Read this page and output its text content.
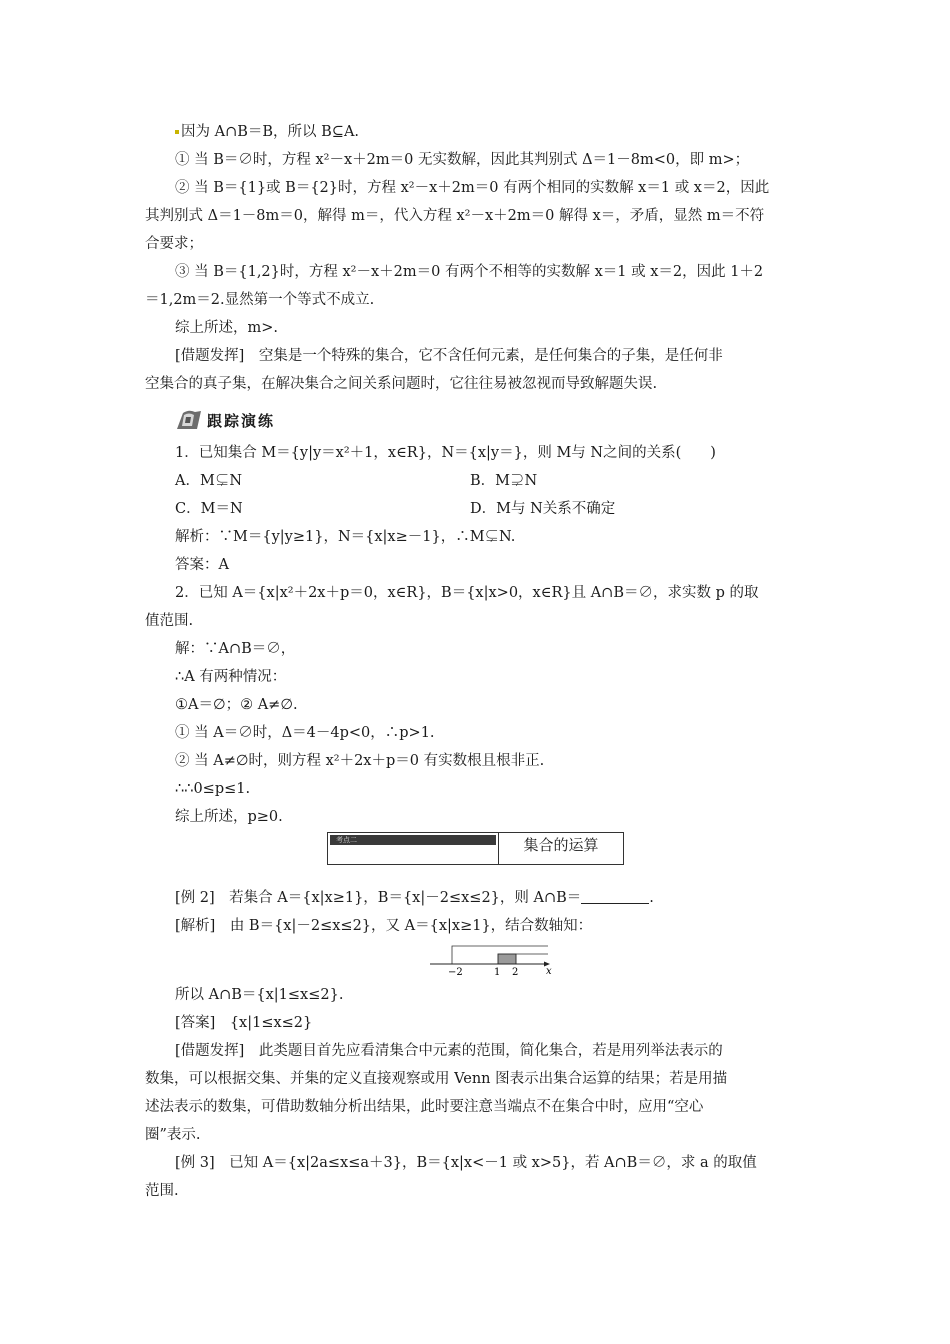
因为 A∩B＝B，所以 B⊆A.
① 当 B＝∅时，方程 x²－x＋2m＝0 无实数解，因此其判别式 Δ＝1－8m<0，即 m>；
② 当 B＝{1}或 B＝{2}时，方程 x²－x＋2m＝0 有两个相同的实数解 x＝1 或 x＝2，因此
其判别式 Δ＝1－8m＝0，解得 m＝，代入方程 x²－x＋2m＝0 解得 x＝，矛盾，显然 m＝不符
合要求；
③ 当 B＝{1,2}时，方程 x²－x＋2m＝0 有两个不相等的实数解 x＝1 或 x＝2，因此 1＋2
＝1,2m＝2.显然第一个等式不成立.
综上所述，m>.
[借题发挥]　空集是一个特殊的集合，它不含任何元素，是任何集合的子集，是任何非
空集合的真子集，在解决集合之间关系问题时，它往往易被忽视而导致解题失误.
跟踪演练
1．已知集合 M＝{y|y＝x²＋1，x∈R}，N＝{x|y＝}，则 M与 N之间的关系(　　)
A．M⊊N	B．M⊋N
C．M＝N	D．M与 N关系不确定
解析：∵M＝{y|y≥1}，N＝{x|x≥－1}，∴M⊊N.
答案：A
2．已知 A＝{x|x²＋2x＋p＝0，x∈R}，B＝{x|x>0，x∈R}且 A∩B＝∅，求实数 p 的取
值范围.
解：∵A∩B＝∅，
∴A 有两种情况：
①A＝∅；② A≠∅.
① 当 A＝∅时，Δ＝4－4p<0，∴p>1.
② 当 A≠∅时，则方程 x²＋2x＋p＝0 有实数根且根非正.
∴∴0≤p≤1.
综上所述，p≥0.
考点二	集合的运算
[例 2]　若集合 A＝{x|x≥1}，B＝{x|－2≤x≤2}，则 A∩B＝	.
[解析]　由 B＝{x|－2≤x≤2}，又 A＝{x|x≥1}，结合数轴知：
−2	1 2	x
所以 A∩B＝{x|1≤x≤2}.
[答案]　{x|1≤x≤2}
[借题发挥]　此类题目首先应看清集合中元素的范围，简化集合，若是用列举法表示的
数集，可以根据交集、并集的定义直接观察或用 Venn 图表示出集合运算的结果；若是用描
述法表示的数集，可借助数轴分析出结果，此时要注意当端点不在集合中时，应用“空心
圈”表示.
[例 3]　已知 A＝{x|2a≤x≤a＋3}，B＝{x|x<－1 或 x>5}，若 A∩B＝∅，求 a 的取值
范围.
